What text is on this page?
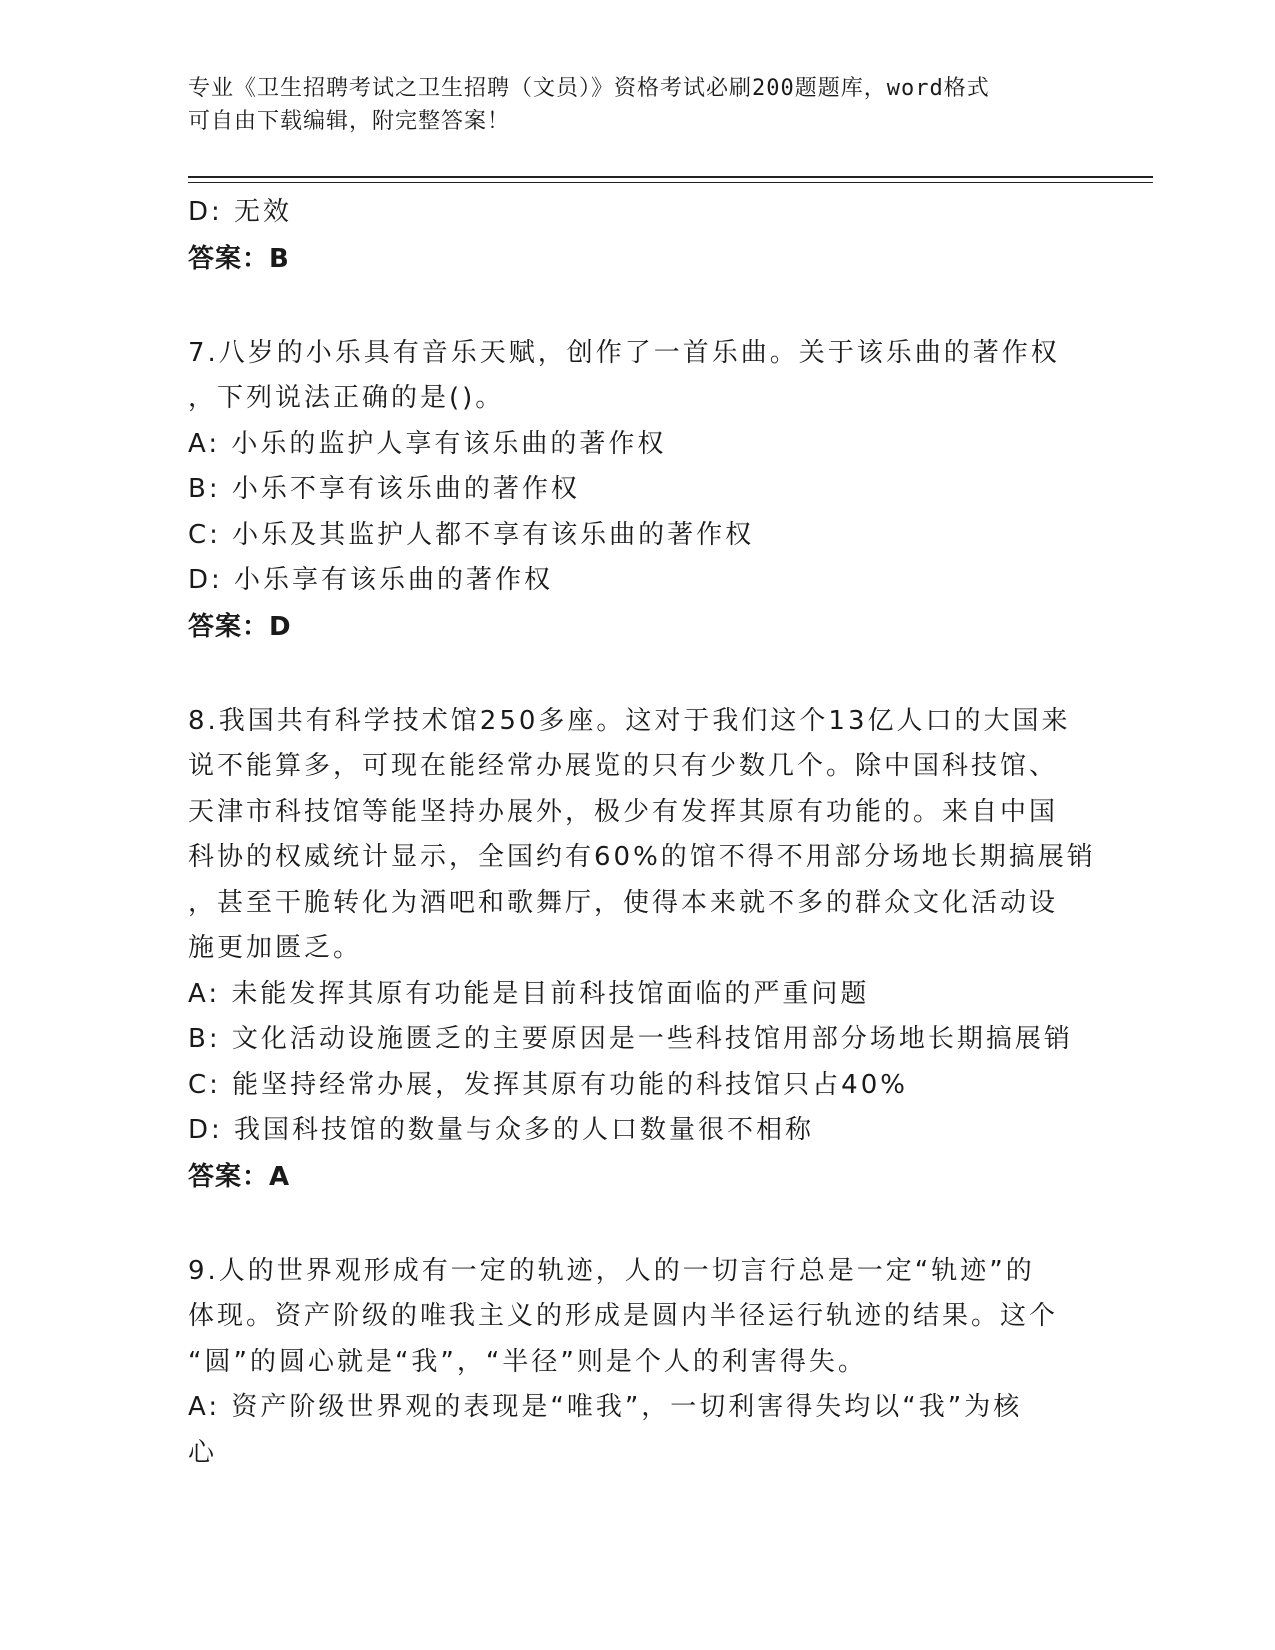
专业《卫生招聘考试之卫生招聘（文员）》资格考试必刷200题题库，word格式
可自由下载编辑，附完整答案！
D: 无效
答案：B
7.八岁的小乐具有音乐天赋，创作了一首乐曲。关于该乐曲的著作权
，下列说法正确的是()。
A: 小乐的监护人享有该乐曲的著作权
B: 小乐不享有该乐曲的著作权
C: 小乐及其监护人都不享有该乐曲的著作权
D: 小乐享有该乐曲的著作权
答案：D
8.我国共有科学技术馆250多座。这对于我们这个13亿人口的大国来
说不能算多，可现在能经常办展览的只有少数几个。除中国科技馆、
天津市科技馆等能坚持办展外，极少有发挥其原有功能的。来自中国
科协的权威统计显示，全国约有60%的馆不得不用部分场地长期搞展销
，甚至干脆转化为酒吧和歌舞厅，使得本来就不多的群众文化活动设
施更加匮乏。
A: 未能发挥其原有功能是目前科技馆面临的严重问题
B: 文化活动设施匮乏的主要原因是一些科技馆用部分场地长期搞展销
C: 能坚持经常办展，发挥其原有功能的科技馆只占40%
D: 我国科技馆的数量与众多的人口数量很不相称
答案：A
9.人的世界观形成有一定的轨迹，人的一切言行总是一定“轨迹”的
体现。资产阶级的唯我主义的形成是圆内半径运行轨迹的结果。这个
“圆”的圆心就是“我”，“半径”则是个人的利害得失。
A: 资产阶级世界观的表现是“唯我”，一切利害得失均以“我”为核
心
